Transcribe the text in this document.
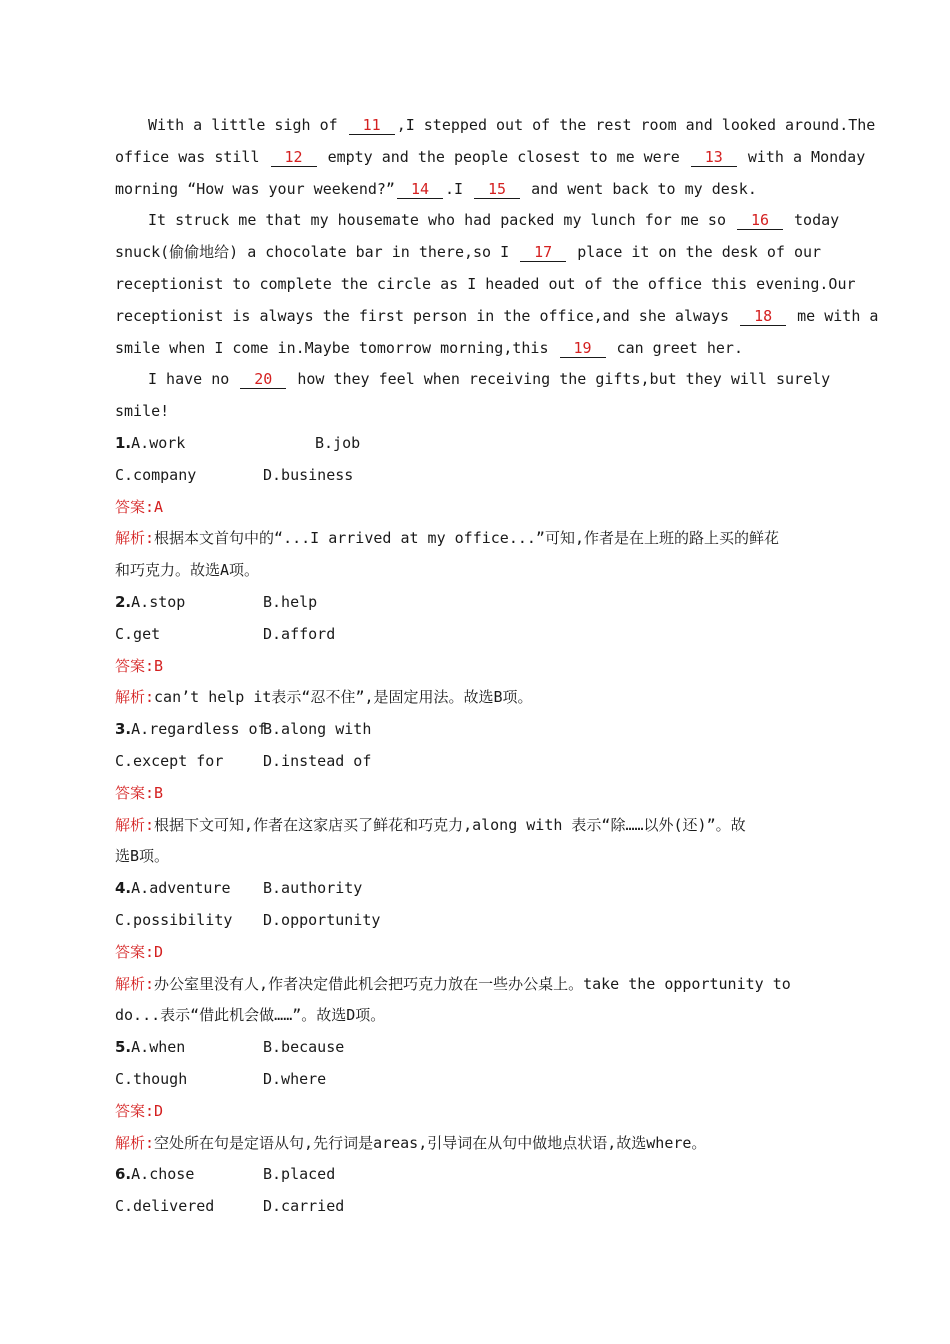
With a little sigh of 11 ,I stepped out of the rest room and looked around.The
office was still 12 empty and the people closest to me were 13 with a Monday
morning “How was your weekend?” 14 .I 15 and went back to my desk.
It struck me that my housemate who had packed my lunch for me so 16 today
snuck(偷偷地给) a chocolate bar in there,so I 17 place it on the desk of our
receptionist to complete the circle as I headed out of the office this evening.Our
receptionist is always the first person in the office,and she always 18 me with a
smile when I come in.Maybe tomorrow morning,this 19 can greet her.
I have no 20 how they feel when receiving the gifts,but they will surely
smile!
1.A.work	B.job
C.company	D.business
答案:A
解析:根据本文首句中的“...I arrived at my office...”可知,作者是在上班的路上买的鲜花
和巧克力。故选A项。
2.A.stop	B.help
C.get	D.afford
答案:B
解析:can’t help it表示“忍不住”,是固定用法。故选B项。
3.A.regardless of
B.along with
C.except for	D.instead of
答案:B
解析:根据下文可知,作者在这家店买了鲜花和巧克力,along with 表示“除……以外(还)”。故
选B项。
4.A.adventure B.authority
C.possibility D.opportunity
答案:D
解析:办公室里没有人,作者决定借此机会把巧克力放在一些办公桌上。take the opportunity to
do...表示“借此机会做……”。故选D项。
5.A.when	B.because
C.though	D.where
答案:D
解析:空处所在句是定语从句,先行词是areas,引导词在从句中做地点状语,故选where。
6.A.chose	B.placed
C.delivered	D.carried
